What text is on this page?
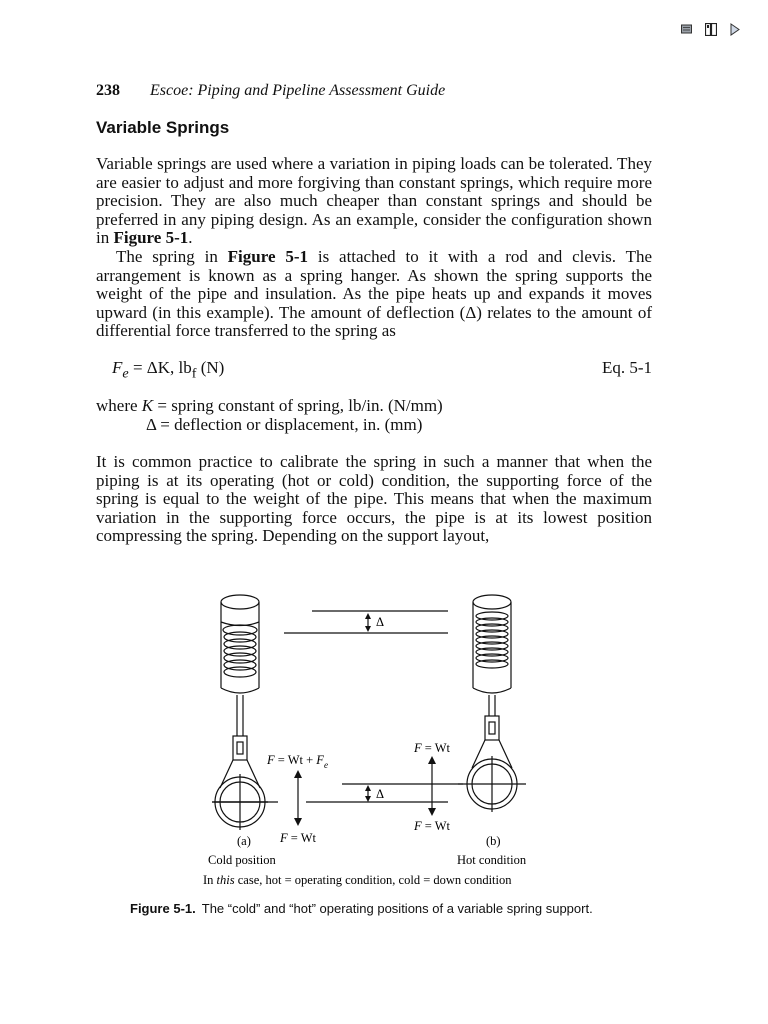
238 Escoe: Piping and Pipeline Assessment Guide
Variable Springs

Variable springs are used where a variation in piping loads can be tolerated. They are easier to adjust and more forgiving than constant springs, which require more precision. They are also much cheaper than constant springs and should be preferred in any piping design. As an example, consider the configuration shown in Figure 5-1.

The spring in Figure 5-1 is attached to it with a rod and clevis. The arrangement is known as a spring hanger. As shown the spring supports the weight of the pipe and insulation. As the pipe heats up and expands it moves upward (in this example). The amount of deflection (Δ) relates to the amount of differential force transferred to the spring as

$F_e = \Delta K$, $lb_f$ (N)	Eq. 5-1
where K = spring constant of spring, lb/in. (N/mm)
Δ = deflection or displacement, in. (mm)

It is common practice to calibrate the spring in such a manner that when the piping is at its operating (hot or cold) condition, the supporting force of the spring is equal to the weight of the pipe. This means that when the maximum variation in the supporting force occurs, the pipe is at its lowest position compressing the spring. Depending on the support layout,

Δ
Δ
$F = Wt + F_e$
F = Wt
F = Wt
F = Wt
(a)	(b)
Cold position	Hot condition
In this case, hot = operating condition, cold = down condition
Figure 5-1. The “cold” and “hot” operating positions of a variable spring support.
